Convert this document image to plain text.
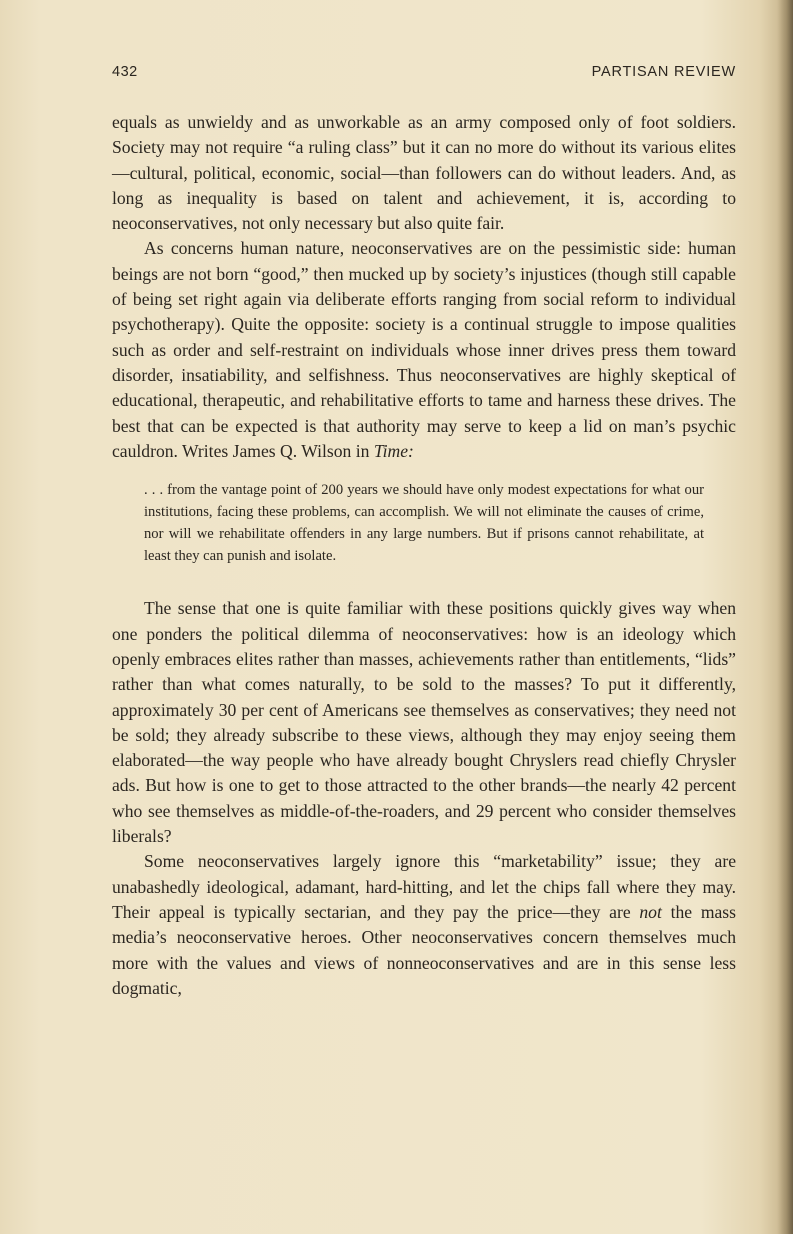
432	PARTISAN REVIEW

equals as unwieldy and as unworkable as an army composed only of foot soldiers. Society may not require “a ruling class” but it can no more do without its various elites—cultural, political, economic, social—than followers can do without leaders. And, as long as inequality is based on talent and achievement, it is, according to neoconservatives, not only necessary but also quite fair.

As concerns human nature, neoconservatives are on the pessimistic side: human beings are not born “good,” then mucked up by society’s injustices (though still capable of being set right again via deliberate efforts ranging from social reform to individual psychotherapy). Quite the opposite: society is a continual struggle to impose qualities such as order and self-restraint on individuals whose inner drives press them toward disorder, insatiability, and selfishness. Thus neoconservatives are highly skeptical of educational, therapeutic, and rehabilitative efforts to tame and harness these drives. The best that can be expected is that authority may serve to keep a lid on man’s psychic cauldron. Writes James Q. Wilson in Time:

. . . from the vantage point of 200 years we should have only modest expectations for what our institutions, facing these problems, can accomplish. We will not eliminate the causes of crime, nor will we rehabilitate offenders in any large numbers. But if prisons cannot rehabilitate, at least they can punish and isolate.

The sense that one is quite familiar with these positions quickly gives way when one ponders the political dilemma of neoconservatives: how is an ideology which openly embraces elites rather than masses, achievements rather than entitlements, “lids” rather than what comes naturally, to be sold to the masses? To put it differently, approximately 30 per cent of Americans see themselves as conservatives; they need not be sold; they already subscribe to these views, although they may enjoy seeing them elaborated—the way people who have already bought Chryslers read chiefly Chrysler ads. But how is one to get to those attracted to the other brands—the nearly 42 percent who see themselves as middle-of-the-roaders, and 29 percent who consider themselves liberals?

Some neoconservatives largely ignore this “marketability” issue; they are unabashedly ideological, adamant, hard-hitting, and let the chips fall where they may. Their appeal is typically sectarian, and they pay the price—they are not the mass media’s neoconservative heroes. Other neoconservatives concern themselves much more with the values and views of nonneoconservatives and are in this sense less dogmatic,
